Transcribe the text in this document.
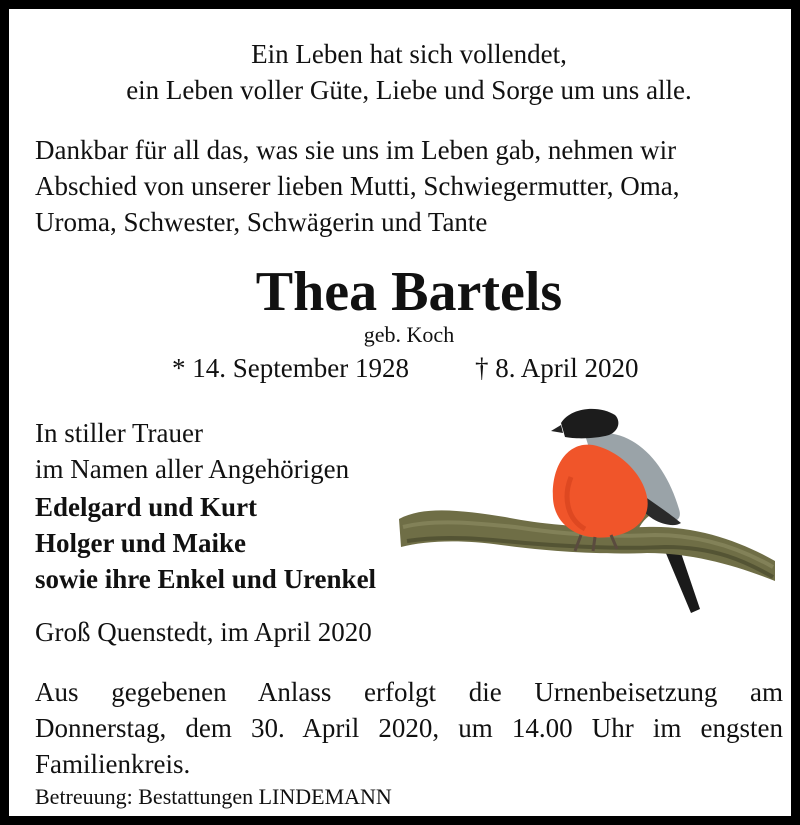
Ein Leben hat sich vollendet,
ein Leben voller Güte, Liebe und Sorge um uns alle.
Dankbar für all das, was sie uns im Leben gab, nehmen wir
Abschied von unserer lieben Mutti, Schwiegermutter, Oma,
Uroma, Schwester, Schwägerin und Tante
Thea Bartels
geb. Koch
* 14. September 1928 † 8. April 2020
In stiller Trauer
im Namen aller Angehörigen
Edelgard und Kurt
Holger und Maike
sowie ihre Enkel und Urenkel
Groß Quenstedt, im April 2020
Aus gegebenen Anlass erfolgt die Urnenbeisetzung am
Donnerstag, dem 30. April 2020, um 14.00 Uhr im engsten
Familienkreis.
Betreuung: Bestattungen LINDEMANN
